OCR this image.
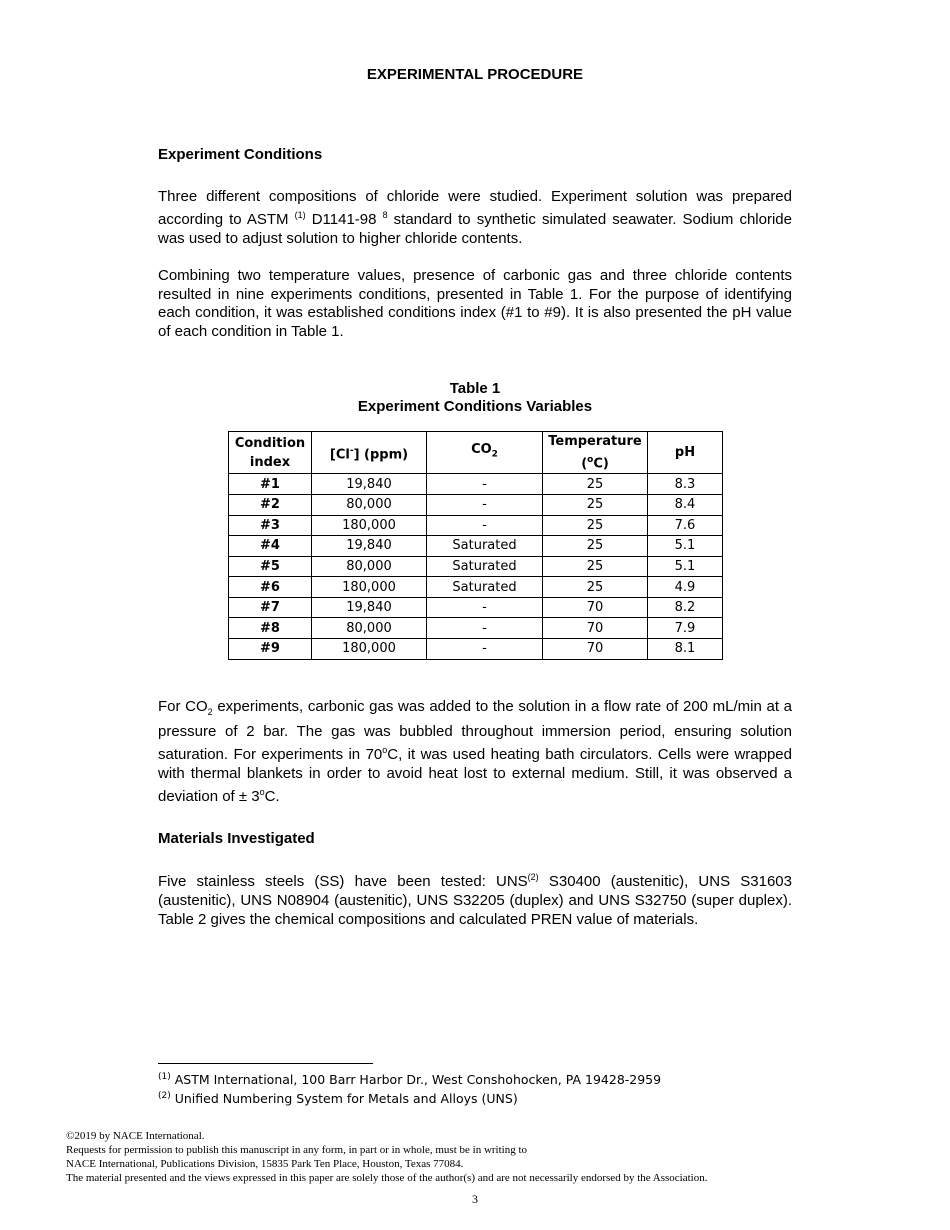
EXPERIMENTAL PROCEDURE
Experiment Conditions
Three different compositions of chloride were studied. Experiment solution was prepared according to ASTM $^{(1)}$ D1141-98 $^8$ standard to synthetic simulated seawater. Sodium chloride was used to adjust solution to higher chloride contents.
Combining two temperature values, presence of carbonic gas and three chloride contents resulted in nine experiments conditions, presented in Table 1. For the purpose of identifying each condition, it was established conditions index (#1 to #9). It is also presented the pH value of each condition in Table 1.
Table 1
Experiment Conditions Variables
Condition index	[Cl-] (ppm)	$CO_2$	Temperature ($^o$C)	pH
#1	19,840	-	25	8.3
#2	80,000	-	25	8.4
#3	180,000	-	25	7.6
#4	19,840	Saturated	25	5.1
#5	80,000	Saturated	25	5.1
#6	180,000	Saturated	25	4.9
#7	19,840	-	70	8.2
#8	80,000	-	70	7.9
#9	180,000	-	70	8.1
For $CO_2$ experiments, carbonic gas was added to the solution in a flow rate of 200 mL/min at a pressure of 2 bar. The gas was bubbled throughout immersion period, ensuring solution saturation. For experiments in 70$^o$C, it was used heating bath circulators. Cells were wrapped with thermal blankets in order to avoid heat lost to external medium. Still, it was observed a deviation of ± $3^oC$.
Materials Investigated
Five stainless steels (SS) have been tested: UNS$^{(2)}$ S30400 (austenitic), UNS S31603 (austenitic), UNS N08904 (austenitic), UNS S32205 (duplex) and UNS S32750 (super duplex). Table 2 gives the chemical compositions and calculated PREN value of materials.
$^{(1)}$ ASTM International, 100 Barr Harbor Dr., West Conshohocken, PA 19428-2959
$^{(2)}$ Unified Numbering System for Metals and Alloys (UNS)
©2019 by NACE International.
Requests for permission to publish this manuscript in any form, in part or in whole, must be in writing to
NACE International, Publications Division, 15835 Park Ten Place, Houston, Texas 77084.
The material presented and the views expressed in this paper are solely those of the author(s) and are not necessarily endorsed by the Association.
3
